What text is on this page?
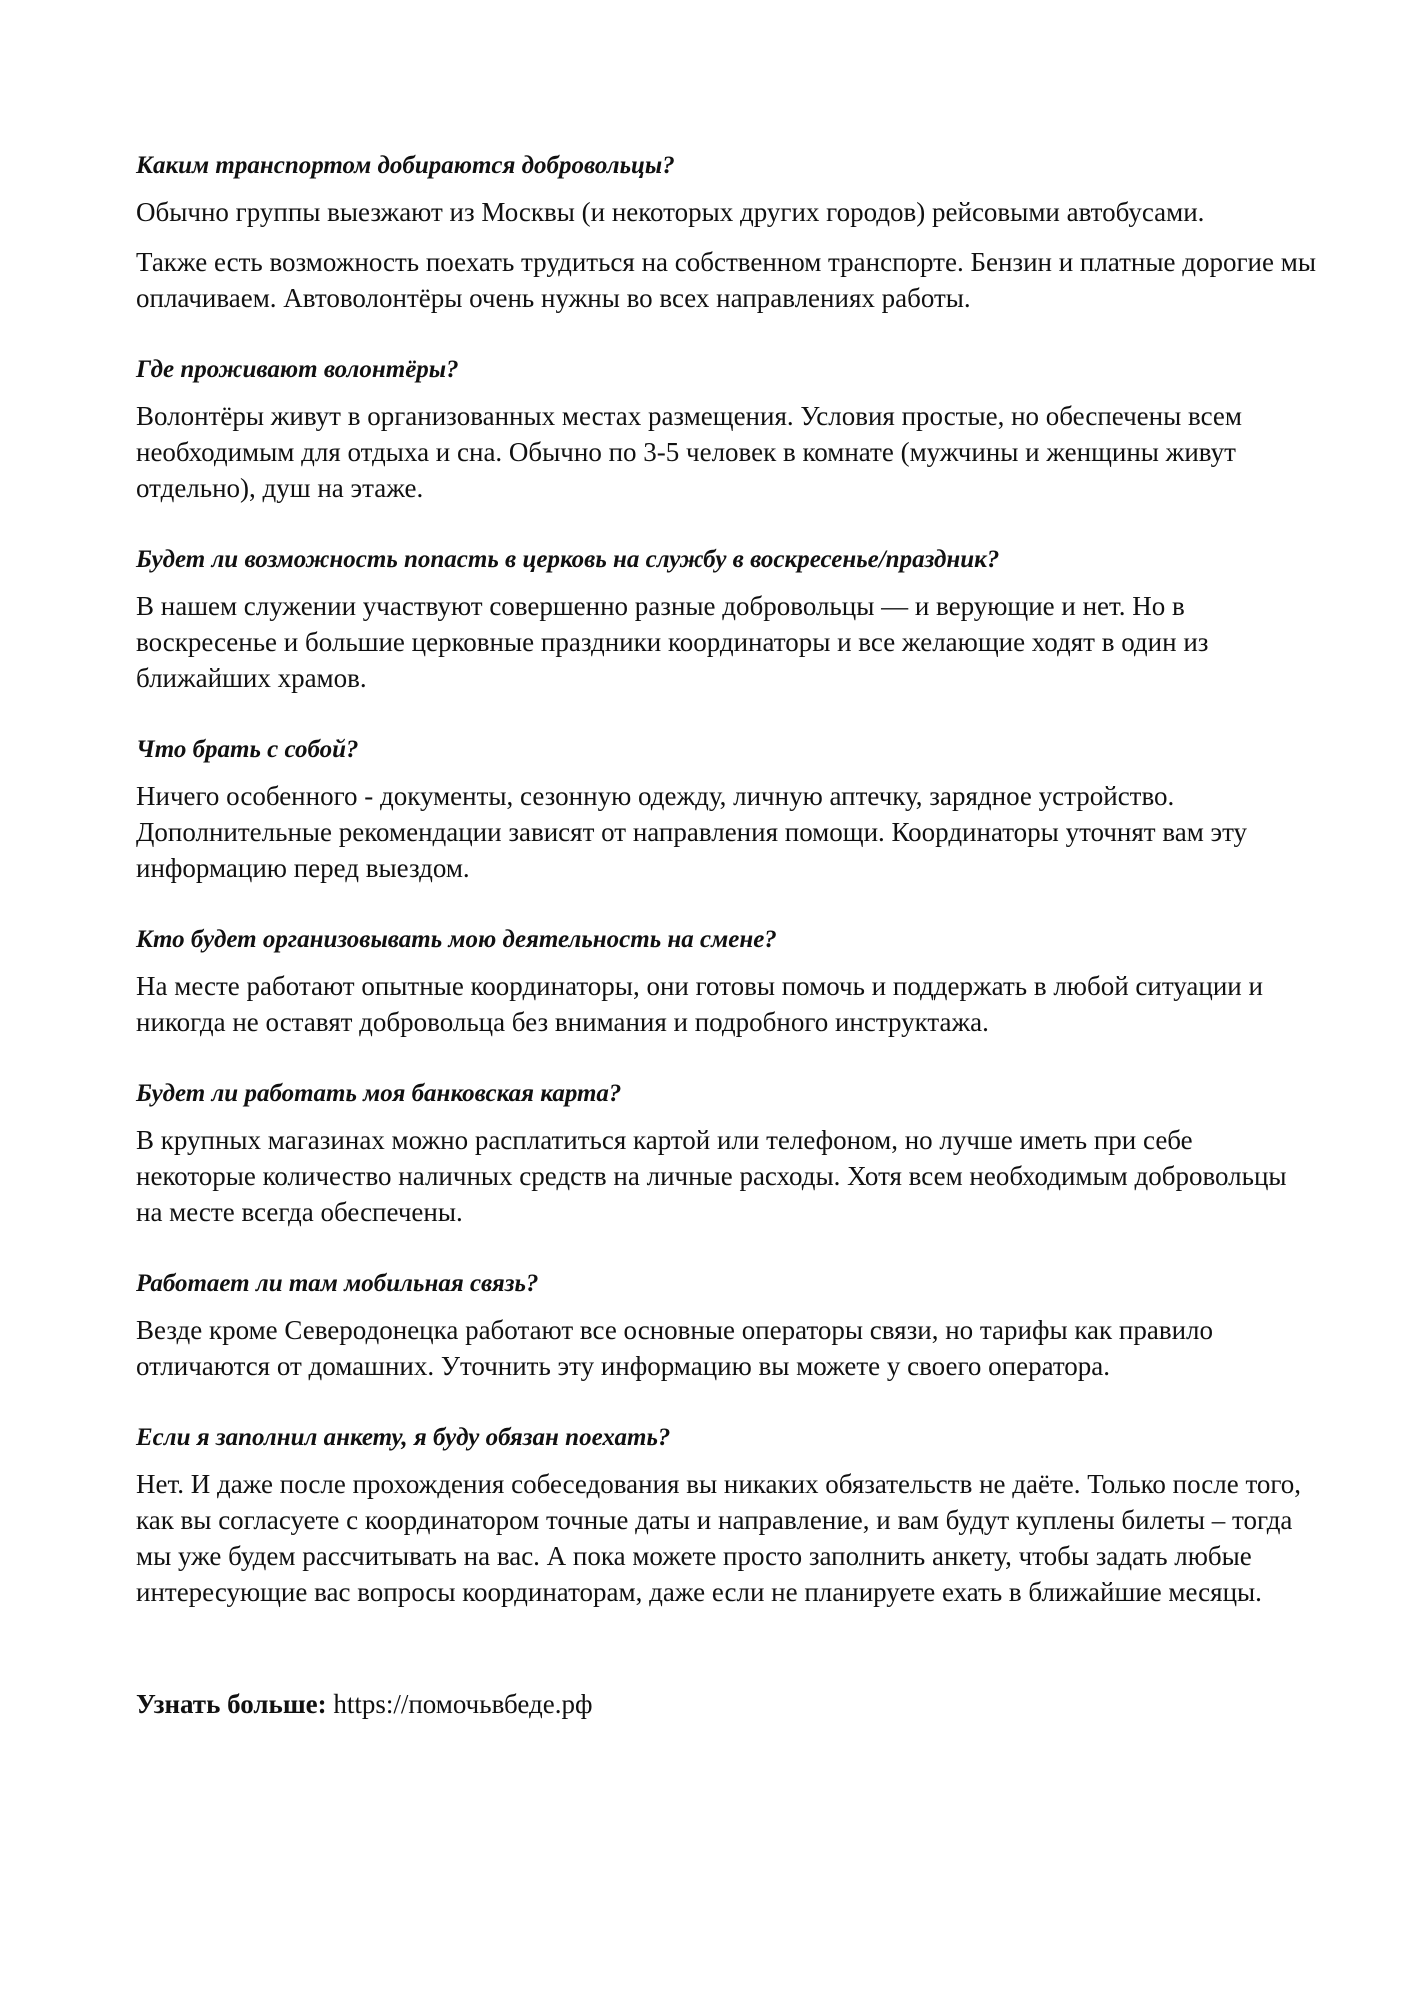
Каким транспортом добираются добровольцы?

Обычно группы выезжают из Москвы (и некоторых других городов) рейсовыми автобусами.

Также есть возможность поехать трудиться на собственном транспорте. Бензин и платные дорогие мы оплачиваем. Автоволонтёры очень нужны во всех направлениях работы.

Где проживают волонтёры?

Волонтёры живут в организованных местах размещения. Условия простые, но обеспечены всем необходимым для отдыха и сна. Обычно по 3-5 человек в комнате (мужчины и женщины живут отдельно), душ на этаже.

Будет ли возможность попасть в церковь на службу в воскресенье/праздник?

В нашем служении участвуют совершенно разные добровольцы — и верующие и нет. Но в воскресенье и большие церковные праздники координаторы и все желающие ходят в один из ближайших храмов.

Что брать с собой?

Ничего особенного - документы, сезонную одежду, личную аптечку, зарядное устройство. Дополнительные рекомендации зависят от направления помощи. Координаторы уточнят вам эту информацию перед выездом.

Кто будет организовывать мою деятельность на смене?

На месте работают опытные координаторы, они готовы помочь и поддержать в любой ситуации и никогда не оставят добровольца без внимания и подробного инструктажа.

Будет ли работать моя банковская карта?

В крупных магазинах можно расплатиться картой или телефоном, но лучше иметь при себе некоторые количество наличных средств на личные расходы. Хотя всем необходимым добровольцы на месте всегда обеспечены.

Работает ли там мобильная связь?

Везде кроме Северодонецка работают все основные операторы связи, но тарифы как правило отличаются от домашних. Уточнить эту информацию вы можете у своего оператора.

Если я заполнил анкету, я буду обязан поехать?

Нет. И даже после прохождения собеседования вы никаких обязательств не даёте. Только после того, как вы согласуете с координатором точные даты и направление, и вам будут куплены билеты – тогда мы уже будем рассчитывать на вас. А пока можете просто заполнить анкету, чтобы задать любые интересующие вас вопросы координаторам, даже если не планируете ехать в ближайшие месяцы.

Узнать больше: https://помочьвбеде.рф
